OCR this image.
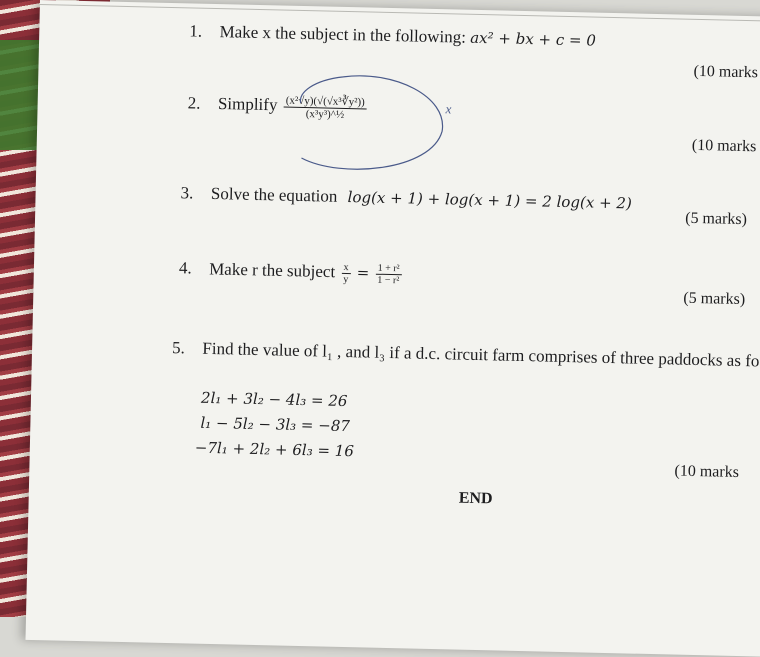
1. Make x the subject in the following: ax² + bx + c = 0
(10 marks
2. Simplify $\frac{\text{(x²√y)(√(√x³∛y²))}}{\text{(x³y³)\textasciicircum{}½}}$	x
(10 marks
3. Solve the equation log(x + 1) + log(x + 1) = 2 log(x + 2)
(5 marks)
4. Make r the subject $\frac{x}{y} = \frac{\text{1 + r²}}{\text{1 − r²}}$
(5 marks)
5. Find the value of l₁ , and l₃ if a d.c. circuit farm comprises of three paddocks as fo
2l₁ + 3l₂ − 4l₃ = 26
l₁ − 5l₂ − 3l₃ = −87
−7l₁ + 2l₂ + 6l₃ = 16
(10 marks
END
